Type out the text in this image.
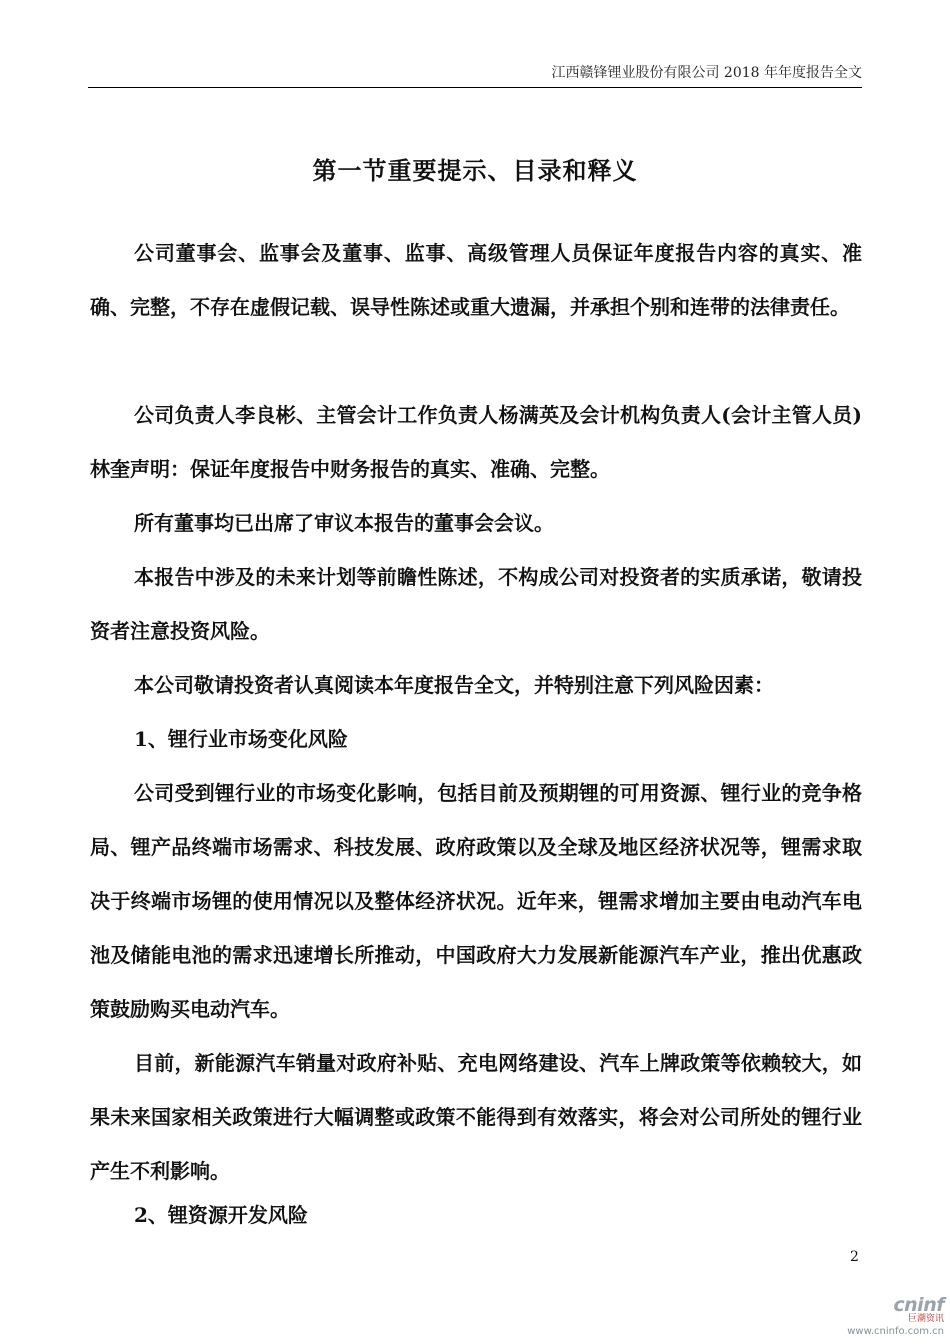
江西赣锋锂业股份有限公司 2018 年年度报告全文
第一节重要提示、目录和释义

公司董事会、监事会及董事、监事、高级管理人员保证年度报告内容的真实、准确、完整，不存在虚假记载、误导性陈述或重大遗漏，并承担个别和连带的法律责任。

公司负责人李良彬、主管会计工作负责人杨满英及会计机构负责人(会计主管人员)林奎声明：保证年度报告中财务报告的真实、准确、完整。

所有董事均已出席了审议本报告的董事会会议。

本报告中涉及的未来计划等前瞻性陈述，不构成公司对投资者的实质承诺，敬请投资者注意投资风险。

本公司敬请投资者认真阅读本年度报告全文，并特别注意下列风险因素：

1、锂行业市场变化风险

公司受到锂行业的市场变化影响，包括目前及预期锂的可用资源、锂行业的竞争格局、锂产品终端市场需求、科技发展、政府政策以及全球及地区经济状况等，锂需求取决于终端市场锂的使用情况以及整体经济状况。近年来，锂需求增加主要由电动汽车电池及储能电池的需求迅速增长所推动，中国政府大力发展新能源汽车产业，推出优惠政策鼓励购买电动汽车。

目前，新能源汽车销量对政府补贴、充电网络建设、汽车上牌政策等依赖较大，如果未来国家相关政策进行大幅调整或政策不能得到有效落实，将会对公司所处的锂行业产生不利影响。

2、锂资源开发风险
2
cninf
巨潮资讯
www.cninfo.com.cn
